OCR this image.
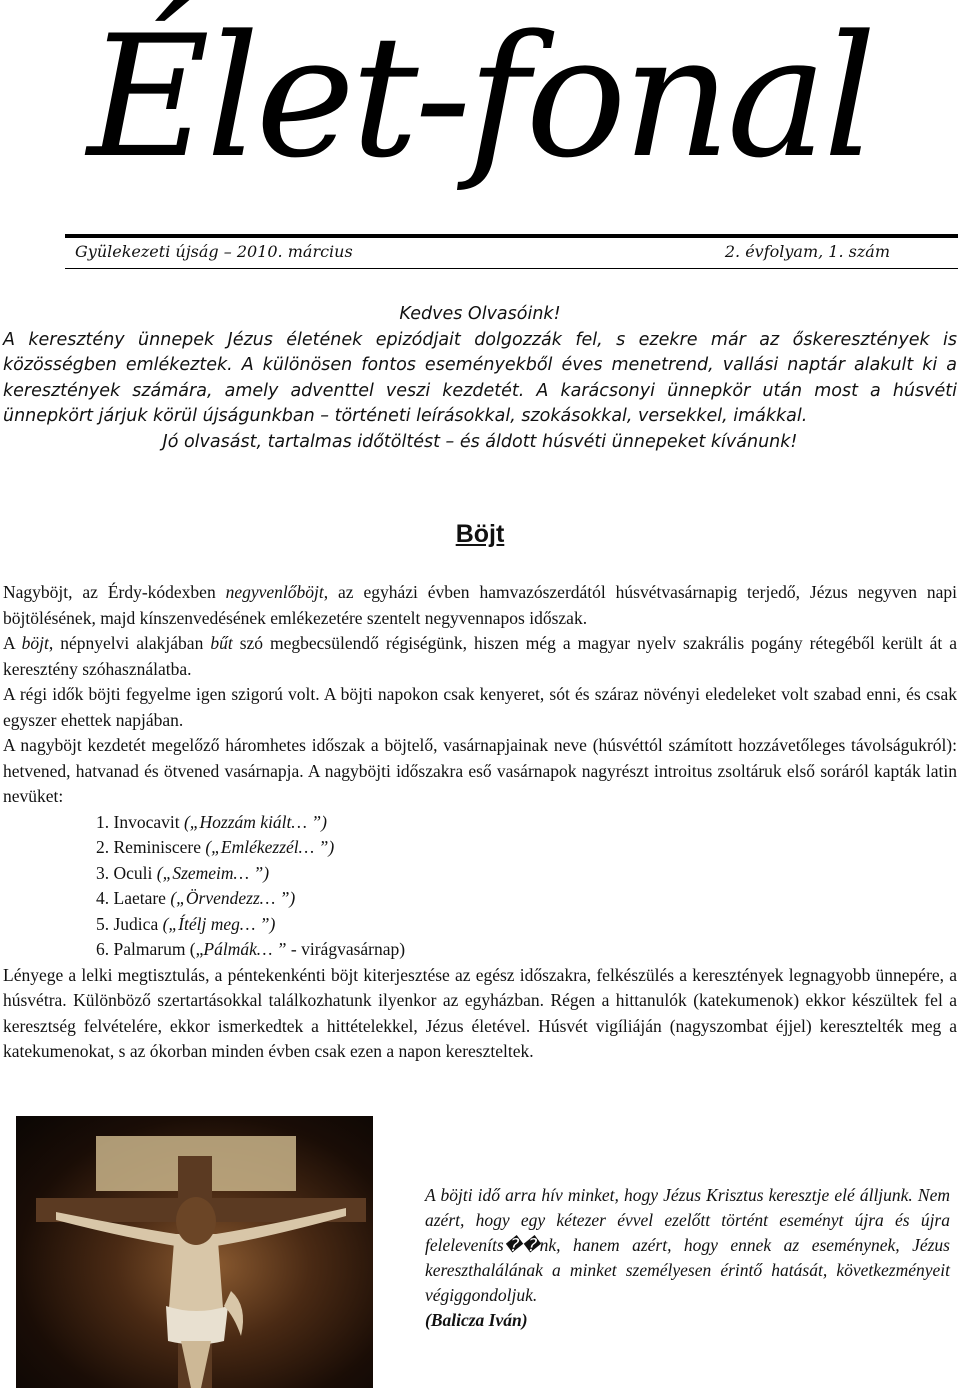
Élet-fonal
Gyülekezeti újság – 2010. március	2. évfolyam, 1. szám
Kedves Olvasóink!

A keresztény ünnepek Jézus életének epizódjait dolgozzák fel, s ezekre már az őskeresztények is közösségben emlékeztek. A különösen fontos eseményekből éves menetrend, vallási naptár alakult ki a keresztények számára, amely adventtel veszi kezdetét. A karácsonyi ünnepkör után most a húsvéti ünnepkört járjuk körül újságunkban – történeti leírásokkal, szokásokkal, versekkel, imákkal.

Jó olvasást, tartalmas időtöltést – és áldott húsvéti ünnepeket kívánunk!
Böjt

Nagyböjt, az Érdy-kódexben negyvenlőböjt, az egyházi évben hamvazószerdától húsvétvasárnapig terjedő, Jézus negyven napi böjtölésének, majd kínszenvedésének emlékezetére szentelt negyvennapos időszak.

A böjt, népnyelvi alakjában bűt szó megbecsülendő régiségünk, hiszen még a magyar nyelv szakrális pogány rétegéből került át a keresztény szóhasználatba.

A régi idők böjti fegyelme igen szigorú volt. A böjti napokon csak kenyeret, sót és száraz növényi eledeleket volt szabad enni, és csak egyszer ehettek napjában.

A nagyböjt kezdetét megelőző háromhetes időszak a böjtelő, vasárnapjainak neve (húsvéttól számított hozzávetőleges távolságukról): hetvened, hatvanad és ötvened vasárnapja. A nagyböjti időszakra eső vasárnapok nagyrészt introitus zsoltáruk első soráról kapták latin nevüket:

1. Invocavit („Hozzám kiált… ”)
2. Reminiscere („Emlékezzél… ”)
3. Oculi („Szemeim… ”)
4. Laetare („Örvendezz… ”)
5. Judica („Ítélj meg… ”)
6. Palmarum („Pálmák… ” - virágvasárnap)

Lényege a lelki megtisztulás, a péntekenkénti böjt kiterjesztése az egész időszakra, felkészülés a keresztények legnagyobb ünnepére, a húsvétra. Különböző szertartásokkal találkozhatunk ilyenkor az egyházban. Régen a hittanulók (katekumenok) ekkor készültek fel a keresztség felvételére, ekkor ismerkedtek a hittételekkel, Jézus életével. Húsvét vigíliáján (nagyszombat éjjel) keresztelték meg a katekumenokat, s az ókorban minden évben csak ezen a napon kereszteltek.

A böjti idő arra hív minket, hogy Jézus Krisztus keresztje elé álljunk. Nem azért, hogy egy kétezer évvel ezelőtt történt eseményt újra és újra feleleveníts��nk, hanem azért, hogy ennek az eseménynek, Jézus kereszthalálának a minket személyesen érintő hatását, következményeit végiggondoljuk.

(Balicza Iván)
